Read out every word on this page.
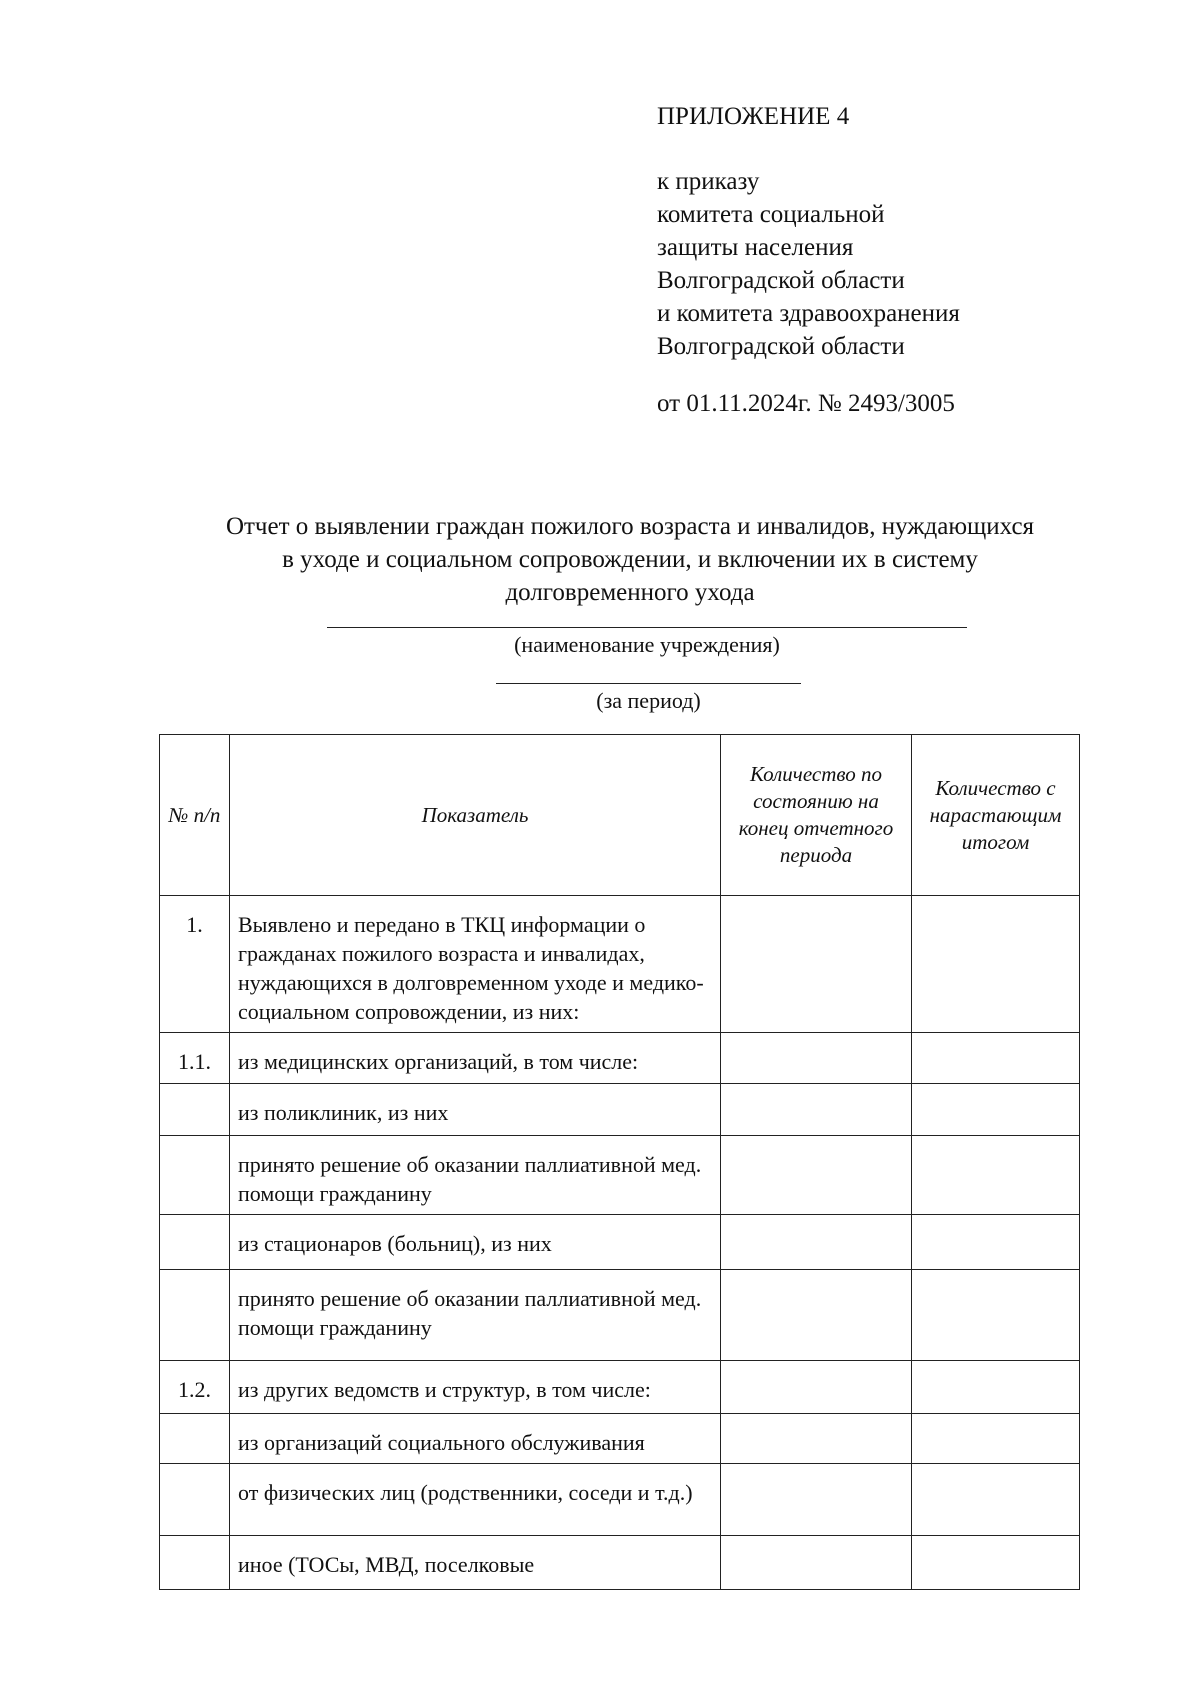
ПРИЛОЖЕНИЕ 4
к приказу
комитета социальной
защиты населения
Волгоградской области
и комитета здравоохранения
Волгоградской области
от 01.11.2024г. № 2493/3005
Отчет о выявлении граждан пожилого возраста и инвалидов, нуждающихся
в уходе и социальном сопровождении, и включении их в систему
долговременного ухода
(наименование учреждения)
(за период)
№ п/п	Показатель	Количество по состоянию на конец отчетного периода	Количество с нарастающим итогом
1.	Выявлено и передано в ТКЦ информации о гражданах пожилого возраста и инвалидах, нуждающихся в долговременном уходе и медико-социальном сопровождении, из них:		
1.1.	из медицинских организаций, в том числе:		
	из поликлиник, из них		
	принято решение об оказании паллиативной мед. помощи гражданину		
	из стационаров (больниц), из них		
	принято решение об оказании паллиативной мед. помощи гражданину		
1.2.	из других ведомств и структур, в том числе:		
	из организаций социального обслуживания		
	от физических лиц (родственники, соседи и т.д.)		
	иное (ТОСы, МВД, поселковые		
